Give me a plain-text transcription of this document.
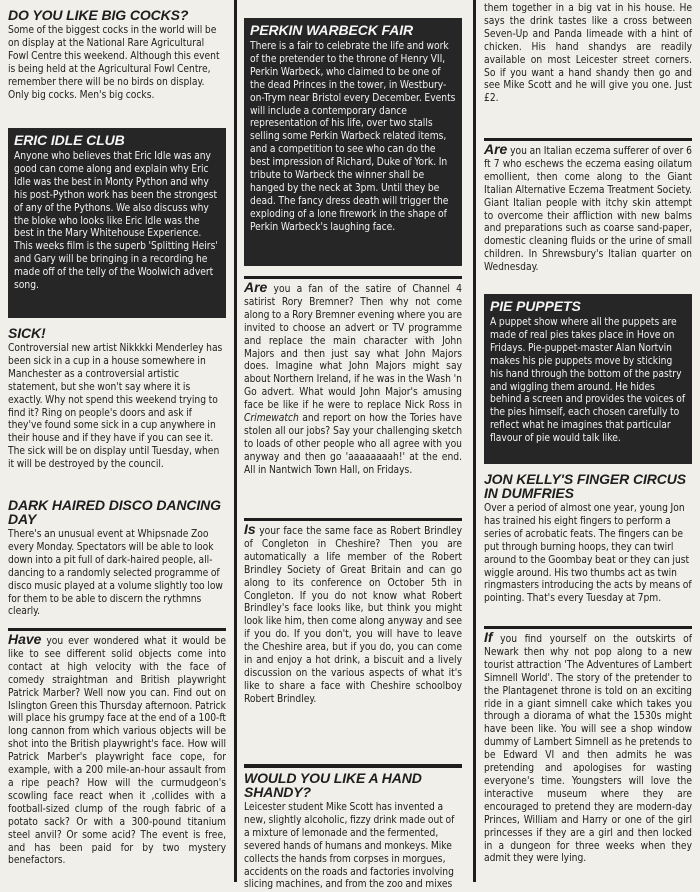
DO YOU LIKE BIG COCKS?

Some of the biggest cocks in the world will be on display at the National Rare Agricultural Fowl Centre this weekend. Although this event is being held at the Agricultural Fowl Centre, remember there will be no birds on display. Only big cocks. Men's big cocks.

ERIC IDLE CLUB

Anyone who believes that Eric Idle was any good can come along and explain why Eric Idle was the best in Monty Python and why his post-Python work has been the strongest of any of the Pythons. We also discuss why the bloke who looks like Eric Idle was the best in the Mary Whitehouse Experience. This weeks film is the superb 'Splitting Heirs' and Gary will be bringing in a recording he made off of the telly of the Woolwich advert song.

SICK!

Controversial new artist Nikkkki Menderley has been sick in a cup in a house somewhere in Manchester as a controversial artistic statement, but she won't say where it is exactly. Why not spend this weekend trying to find it? Ring on people's doors and ask if they've found some sick in a cup anywhere in their house and if they have if you can see it. The sick will be on display until Tuesday, when it will be destroyed by the council.

DARK HAIRED DISCO DANCING DAY

There's an unusual event at Whipsnade Zoo every Monday. Spectators will be able to look down into a pit full of dark-haired people, all-dancing to a randomly selected programme of disco music played at a volume slightly too low for them to be able to discern the rythmns clearly.

Have you ever wondered what it would be like to see different solid objects come into contact at high velocity with the face of comedy straightman and British playwright Patrick Marber? Well now you can. Find out on Islington Green this Thursday afternoon. Patrick will place his grumpy face at the end of a 100-ft long cannon from which various objects will be shot into the British playwright's face. How will Patrick Marber's playwright face cope, for example, with a 200 mile-an-hour assault from a ripe peach? How will the curmudgeon's scowling face react when it ,collides with a football-sized clump of the rough fabric of a potato sack? Or with a 300-pound titanium steel anvil? Or some acid? The event is free, and has been paid for by two mystery benefactors.

PERKIN WARBECK FAIR

There is a fair to celebrate the life and work of the pretender to the throne of Henry VII, Perkin Warbeck, who claimed to be one of the dead Princes in the tower, in Westbury-on-Trym near Bristol every December. Events will include a contemporary dance representation of his life, over two stalls selling some Perkin Warbeck related items, and a competition to see who can do the best impression of Richard, Duke of York. In tribute to Warbeck the winner shall be hanged by the neck at 3pm. Until they be dead. The fancy dress death will trigger the exploding of a lone firework in the shape of Perkin Warbeck's laughing face.

Are you a fan of the satire of Channel 4 satirist Rory Bremner? Then why not come along to a Rory Bremner evening where you are invited to choose an advert or TV programme and replace the main character with John Majors and then just say what John Majors does. Imagine what John Majors might say about Northern Ireland, if he was in the Wash 'n Go advert. What would John Major's amusing face be like if he were to replace Nick Ross in Crimewatch and report on how the Tories have stolen all our jobs? Say your challenging sketch to loads of other people who all agree with you anyway and then go 'aaaaaaaah!' at the end. All in Nantwich Town Hall, on Fridays.

Is your face the same face as Robert Brindley of Congleton in Cheshire? Then you are automatically a life member of the Robert Brindley Society of Great Britain and can go along to its conference on October 5th in Congleton. If you do not know what Robert Brindley's face looks like, but think you might look like him, then come along anyway and see if you do. If you don't, you will have to leave the Cheshire area, but if you do, you can come in and enjoy a hot drink, a biscuit and a lively discussion on the various aspects of what it's like to share a face with Cheshire schoolboy Robert Brindley.

WOULD YOU LIKE A HAND SHANDY?

Leicester student Mike Scott has invented a new, slightly alcoholic, fizzy drink made out of a mixture of lemonade and the fermented, severed hands of humans and monkeys. Mike collects the hands from corpses in morgues, accidents on the roads and factories involving slicing machines, and from the zoo and mixes

them together in a big vat in his house. He says the drink tastes like a cross between Seven-Up and Panda limeade with a hint of chicken. His hand shandys are readily available on most Leicester street corners. So if you want a hand shandy then go and see Mike Scott and he will give you one. Just £2.

Are you an Italian eczema sufferer of over 6 ft 7 who eschews the eczema easing oilatum emollient, then come along to the Giant Italian Alternative Eczema Treatment Society. Giant Italian people with itchy skin attempt to overcome their affliction with new balms and preparations such as coarse sand-paper, domestic cleaning fluids or the urine of small children. In Shrewsbury's Italian quarter on Wednesday.

PIE PUPPETS

A puppet show where all the puppets are made of real pies takes place in Hove on Fridays. Pie-puppet-master Alan Nortvin makes his pie puppets move by sticking his hand through the bottom of the pastry and wiggling them around. He hides behind a screen and provides the voices of the pies himself, each chosen carefully to reflect what he imagines that particular flavour of pie would talk like.

JON KELLY'S FINGER CIRCUS IN DUMFRIES

Over a period of almost one year, young Jon has trained his eight fingers to perform a series of acrobatic feats. The fingers can be put through burning hoops, they can twirl around to the Goombay beat or they can just wiggle around. His two thumbs act as twin ringmasters introducing the acts by means of pointing. That's every Tuesday at 7pm.

If you find yourself on the outskirts of Newark then why not pop along to a new tourist attraction 'The Adventures of Lambert Simnell World'. The story of the pretender to the Plantagenet throne is told on an exciting ride in a giant simnell cake which takes you through a diorama of what the 1530s might have been like. You will see a shop window dummy of Lambert Simnell as he pretends to be Edward VI and then admits he was pretending and apologises for wasting everyone's time. Youngsters will love the interactive museum where they are encouraged to pretend they are modern-day Princes, William and Harry or one of the girl princesses if they are a girl and then locked in a dungeon for three weeks when they admit they were lying.
